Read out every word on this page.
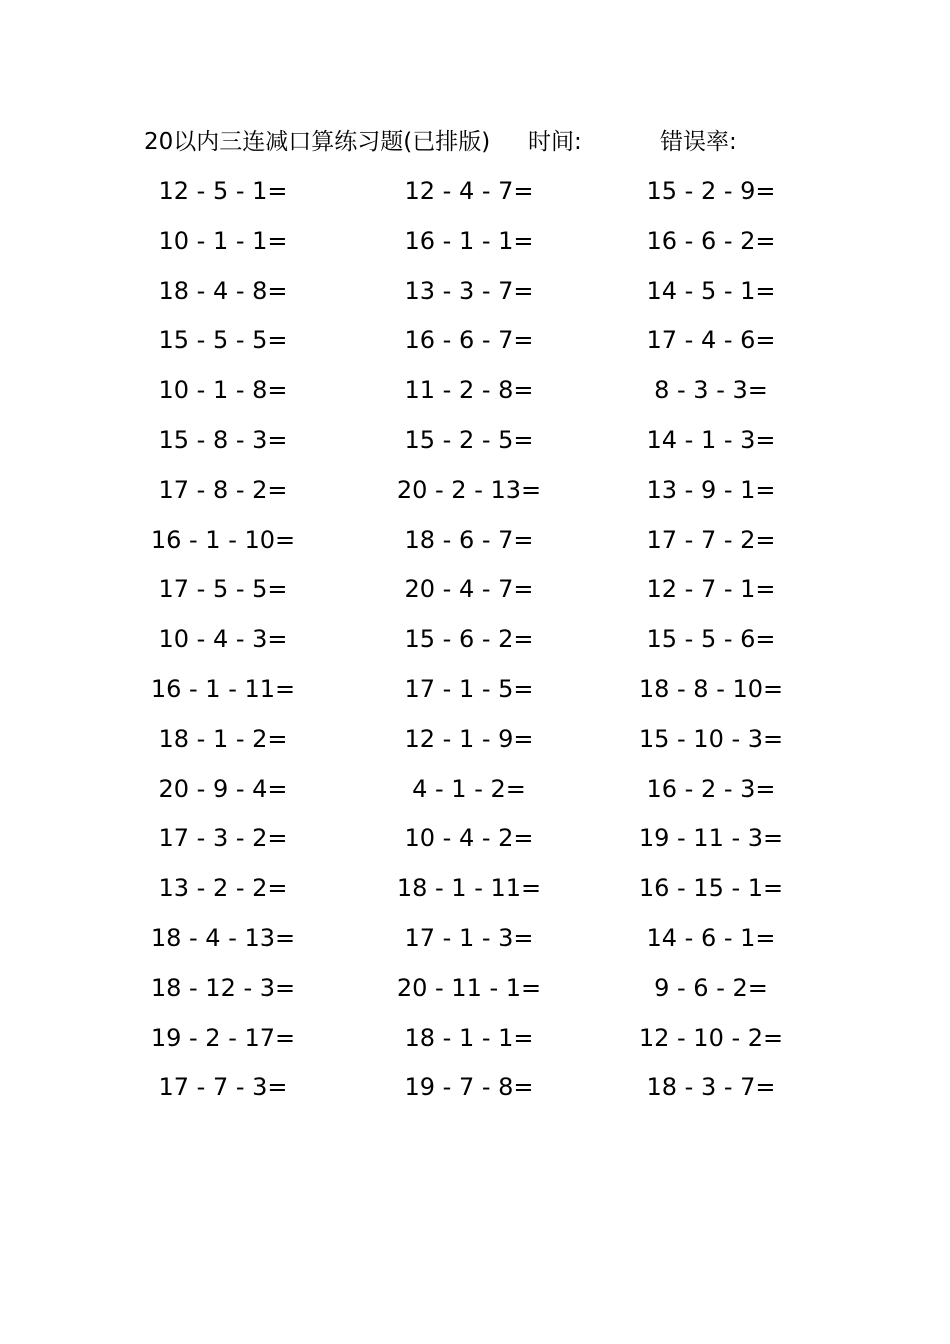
20以内三连减口算练习题(已排版) 时间:	错误率:
12 - 5 - 1=	12 - 4 - 7=	15 - 2 - 9=
10 - 1 - 1=	16 - 1 - 1=	16 - 6 - 2=
18 - 4 - 8=	13 - 3 - 7=	14 - 5 - 1=
15 - 5 - 5=	16 - 6 - 7=	17 - 4 - 6=
10 - 1 - 8=	11 - 2 - 8=	8 - 3 - 3=
15 - 8 - 3=	15 - 2 - 5=	14 - 1 - 3=
17 - 8 - 2=	20 - 2 - 13=	13 - 9 - 1=
16 - 1 - 10=	18 - 6 - 7=	17 - 7 - 2=
17 - 5 - 5=	20 - 4 - 7=	12 - 7 - 1=
10 - 4 - 3=	15 - 6 - 2=	15 - 5 - 6=
16 - 1 - 11=	17 - 1 - 5=	18 - 8 - 10=
18 - 1 - 2=	12 - 1 - 9=	15 - 10 - 3=
20 - 9 - 4=	4 - 1 - 2=	16 - 2 - 3=
17 - 3 - 2=	10 - 4 - 2=	19 - 11 - 3=
13 - 2 - 2=	18 - 1 - 11=	16 - 15 - 1=
18 - 4 - 13=	17 - 1 - 3=	14 - 6 - 1=
18 - 12 - 3=	20 - 11 - 1=	9 - 6 - 2=
19 - 2 - 17=	18 - 1 - 1=	12 - 10 - 2=
17 - 7 - 3=	19 - 7 - 8=	18 - 3 - 7=
